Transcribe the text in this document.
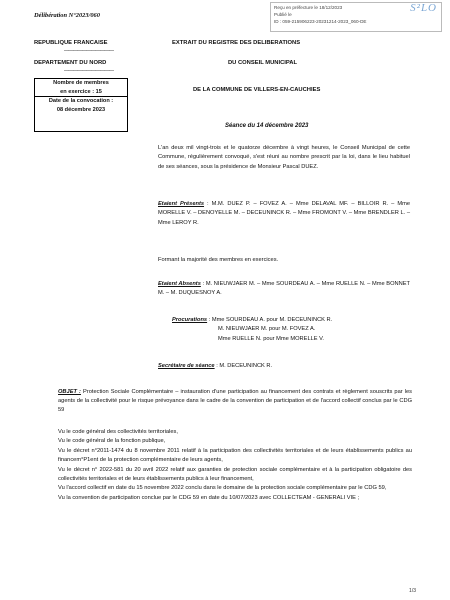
Délibération N°2023/060
Reçu en préfecture le 18/12/2023
Publié le
ID : 059-215906223-20231214-2023_060-DE
S²LO
REPUBLIQUE FRANCAISE
———————————
DEPARTEMENT DU NORD
———————————
Nombre de membres
en exercice : 15
Date de la convocation :
08 décembre 2023
EXTRAIT DU REGISTRE DES DELIBERATIONS
DU CONSEIL MUNICIPAL
DE LA COMMUNE DE VILLERS-EN-CAUCHIES
Séance du 14 décembre 2023
L'an deux mil vingt-trois et le quatorze décembre à vingt heures, le Conseil Municipal de cette Commune, régulièrement convoqué, s'est réuni au nombre prescrit par la loi, dans le lieu habituel de ses séances, sous la présidence de Monsieur Pascal DUEZ.
Etaient Présents : M.M. DUEZ P. – FOVEZ A. – Mme DELAVAL MF. – BILLOIR R. – Mme MORELLE V. – DENOYELLE M. – DECEUNINCK R. – Mme FROMONT V. – Mme BRENDLER L. – Mme LEROY R.
Formant la majorité des membres en exercices.
Etaient Absents : M. NIEUWJAER M. – Mme SOURDEAU A. – Mme RUELLE N. – Mme BONNET M. – M. DUQUESNOY A.
Procurations : Mme SOURDEAU A. pour M. DECEUNINCK R.
M. NIEUWJAER M. pour M. FOVEZ A.
Mme RUELLE N. pour Mme MORELLE V.
Secrétaire de séance : M. DECEUNINCK R.
OBJET : Protection Sociale Complémentaire – instauration d'une participation au financement des contrats et règlement souscrits par les agents de la collectivité pour le risque prévoyance dans le cadre de la convention de participation et de l'accord collectif conclus par le CDG 59
Vu le code général des collectivités territoriales,
Vu le code général de la fonction publique,
Vu le décret n°2011-1474 du 8 novembre 2011 relatif à la participation des collectivités territoriales et de leurs établissements publics au financem°P1ent de la protection complémentaire de leurs agents,
Vu le décret n° 2022-581 du 20 avril 2022 relatif aux garanties de protection sociale complémentaire et à la participation obligatoire des collectivités territoriales et de leurs établissements publics à leur financement,
Vu l'accord collectif en date du 15 novembre 2022 conclu dans le domaine de la protection sociale complémentaire par le CDG 59,
Vu la convention de participation conclue par le CDG 59 en date du 10/07/2023 avec COLLECTEAM - GENERALI VIE ;
1/3
